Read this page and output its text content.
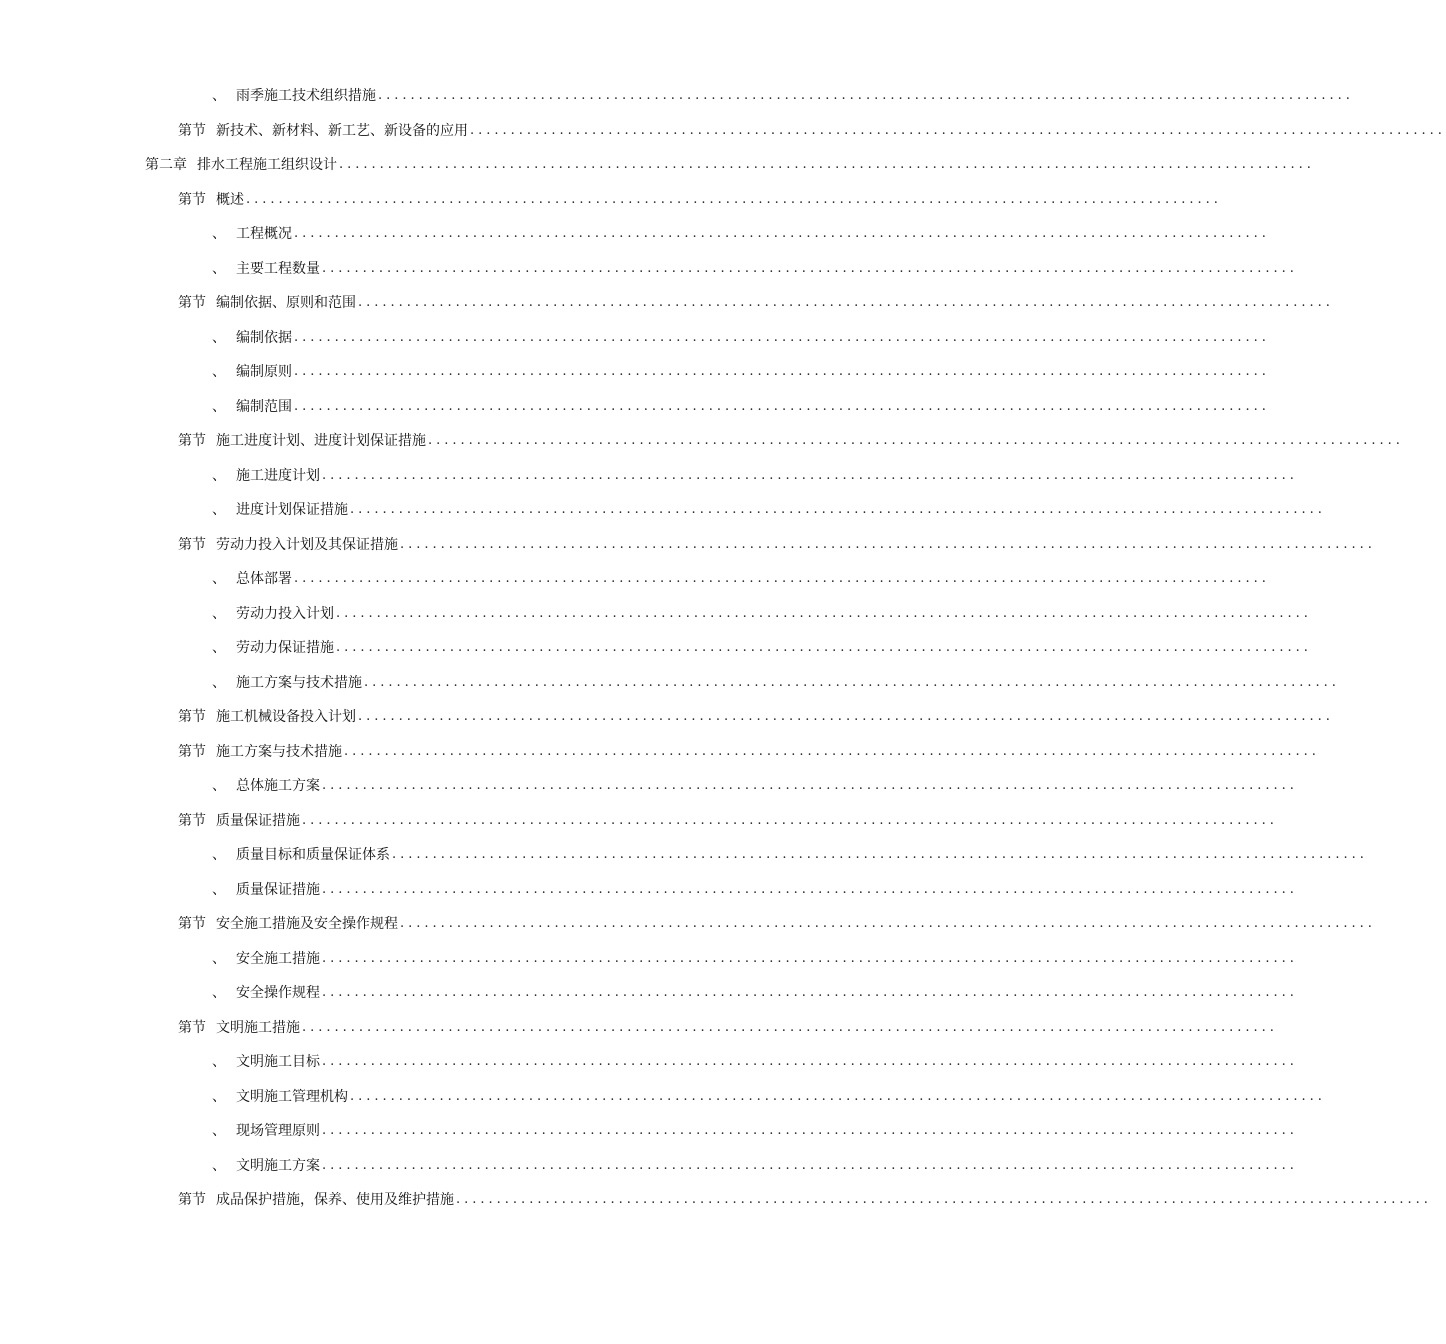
、 雨季施工技术组织措施 ........................................................................................................................
第节 新技术、新材料、新工艺、新设备的应用 ........................................................................................................................
第二章 排水工程施工组织设计 ........................................................................................................................
第节 概述 ........................................................................................................................
、 工程概况 ........................................................................................................................
、 主要工程数量 ........................................................................................................................
第节 编制依据、原则和范围 ........................................................................................................................
、 编制依据 ........................................................................................................................
、 编制原则 ........................................................................................................................
、 编制范围 ........................................................................................................................
第节 施工进度计划、进度计划保证措施 ........................................................................................................................
、 施工进度计划 ........................................................................................................................
、 进度计划保证措施 ........................................................................................................................
第节 劳动力投入计划及其保证措施 ........................................................................................................................
、 总体部署 ........................................................................................................................
、 劳动力投入计划 ........................................................................................................................
、 劳动力保证措施 ........................................................................................................................
、 施工方案与技术措施 ........................................................................................................................
第节 施工机械设备投入计划 ........................................................................................................................
第节 施工方案与技术措施 ........................................................................................................................
、 总体施工方案 ........................................................................................................................
第节 质量保证措施 ........................................................................................................................
、 质量目标和质量保证体系 ........................................................................................................................
、 质量保证措施 ........................................................................................................................
第节 安全施工措施及安全操作规程 ........................................................................................................................
、 安全施工措施 ........................................................................................................................
、 安全操作规程 ........................................................................................................................
第节 文明施工措施 ........................................................................................................................
、 文明施工目标 ........................................................................................................................
、 文明施工管理机构 ........................................................................................................................
、 现场管理原则 ........................................................................................................................
、 文明施工方案 ........................................................................................................................
第节 成品保护措施，保养、使用及维护措施 ........................................................................................................................
